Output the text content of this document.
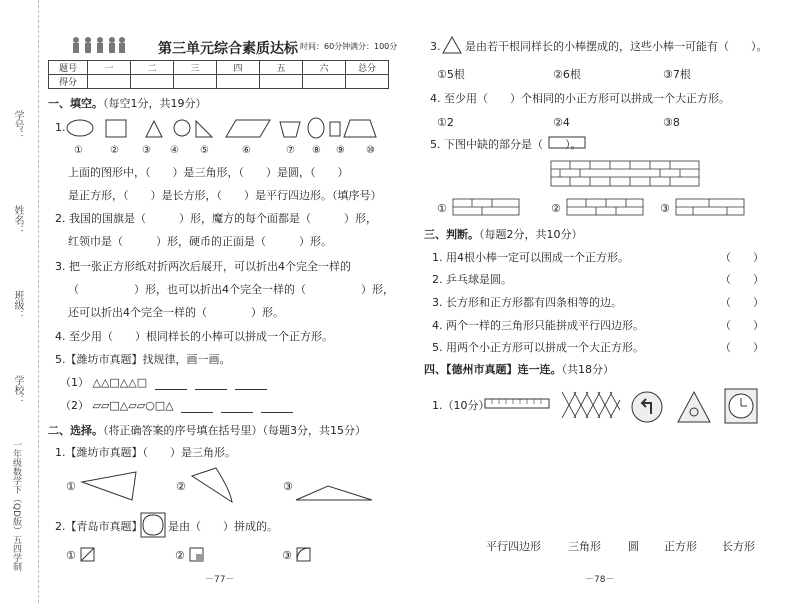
学号：
姓名：
班级：
学校：
一年级数学下（QD版）五四学制
第三单元综合素质达标 时间：60分钟 满分：100分
题号	一	二	三	四	五	六	总分
得分							
一、填空。（每空1分，共19分）
1.
①	② ③ ④ ⑤	⑥	⑦ ⑧ ⑨ ⑩
上面的图形中，（　　）是三角形，（　　）是圆，（　　）
是正方形，（　　）是长方形，（　　）是平行四边形。（填序号）
2. 我国的国旗是（　　　）形，魔方的每个面都是（　　　）形，
红领巾是（　　　）形，硬币的正面是（　　　）形。
3. 把一张正方形纸对折两次后展开，可以折出4个完全一样的
（　　　　　）形，也可以折出4个完全一样的（　　　　　）形，
还可以折出4个完全一样的（　　　　）形。
4. 至少用（　　）根同样长的小棒可以拼成一个正方形。
5.【潍坊市真题】找规律，画一画。
（1） △△□△△□
（2） ▱▱□△▱▱○□△
二、选择。（将正确答案的序号填在括号里）（每题3分，共15分）
1.【潍坊市真题】（　　）是三角形。
①	②	③
2.【青岛市真题】 是由（　　）拼成的。
①	②	③
－77－
3. 是由若干根同样长的小棒摆成的，这些小棒一可能有（　　）。
①5根	②6根	③7根
4. 至少用（　　）个相同的小正方形可以拼成一个大正方形。
①2	②4	③8
5. 下图中缺的部分是（　　）。
①	②	③
三、判断。（每题2分，共10分）
1. 用4根小棒一定可以围成一个正方形。	（　　）
2. 乒乓球是圆。	（　　）
3. 长方形和正方形都有四条相等的边。	（　　）
4. 两个一样的三角形只能拼成平行四边形。	（　　）
5. 用两个小正方形可以拼成一个大正方形。	（　　）
四、【德州市真题】连一连。（共18分）
1.（10分）
平行四边形 三角形 圆 正方形 长方形
－78－
